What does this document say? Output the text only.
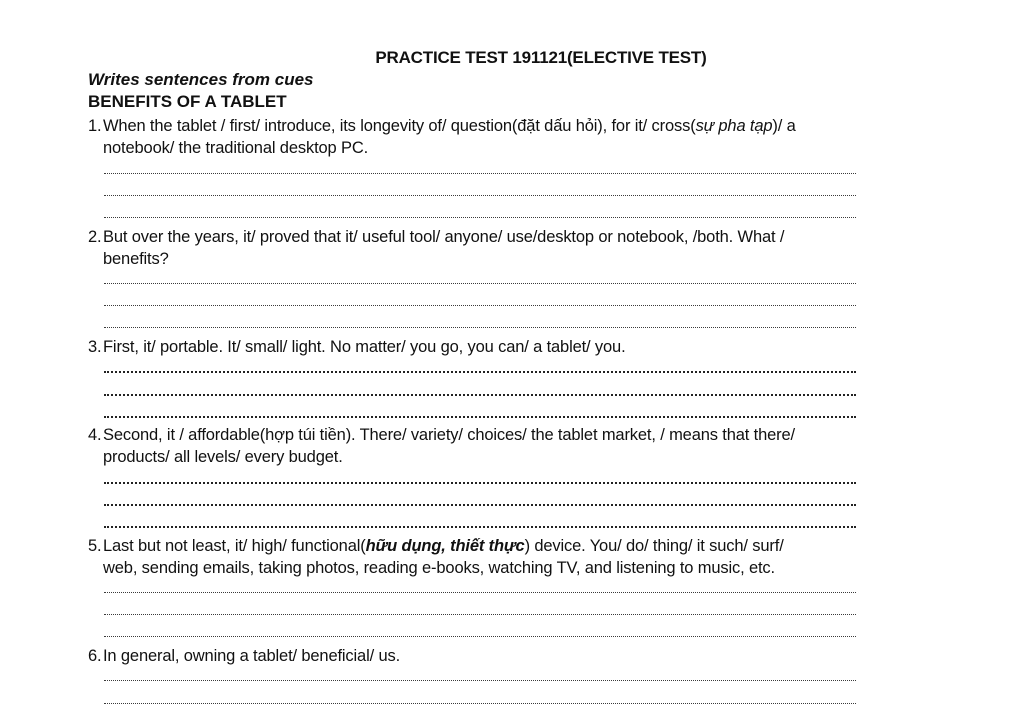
PRACTICE TEST 191121(ELECTIVE TEST)
Writes sentences from cues
BENEFITS OF A TABLET
1.When the tablet / first/ introduce, its longevity of/ question(đặt dấu hỏi), for it/ cross(sự pha tạp)/ a
notebook/ the traditional desktop PC.
2.But over the years, it/ proved that it/ useful tool/ anyone/ use/desktop or notebook, /both. What /
benefits?
3.First, it/ portable. It/ small/ light. No matter/ you go, you can/ a tablet/ you.
4.Second, it / affordable(hợp túi tiền). There/ variety/ choices/ the tablet market, / means that there/
products/ all levels/ every budget.
5.Last but not least, it/ high/ functional(hữu dụng, thiết thực) device. You/ do/ thing/ it such/ surf/
web, sending emails, taking photos, reading e-books, watching TV, and listening to music, etc.
6.In general, owning a tablet/ beneficial/ us.
